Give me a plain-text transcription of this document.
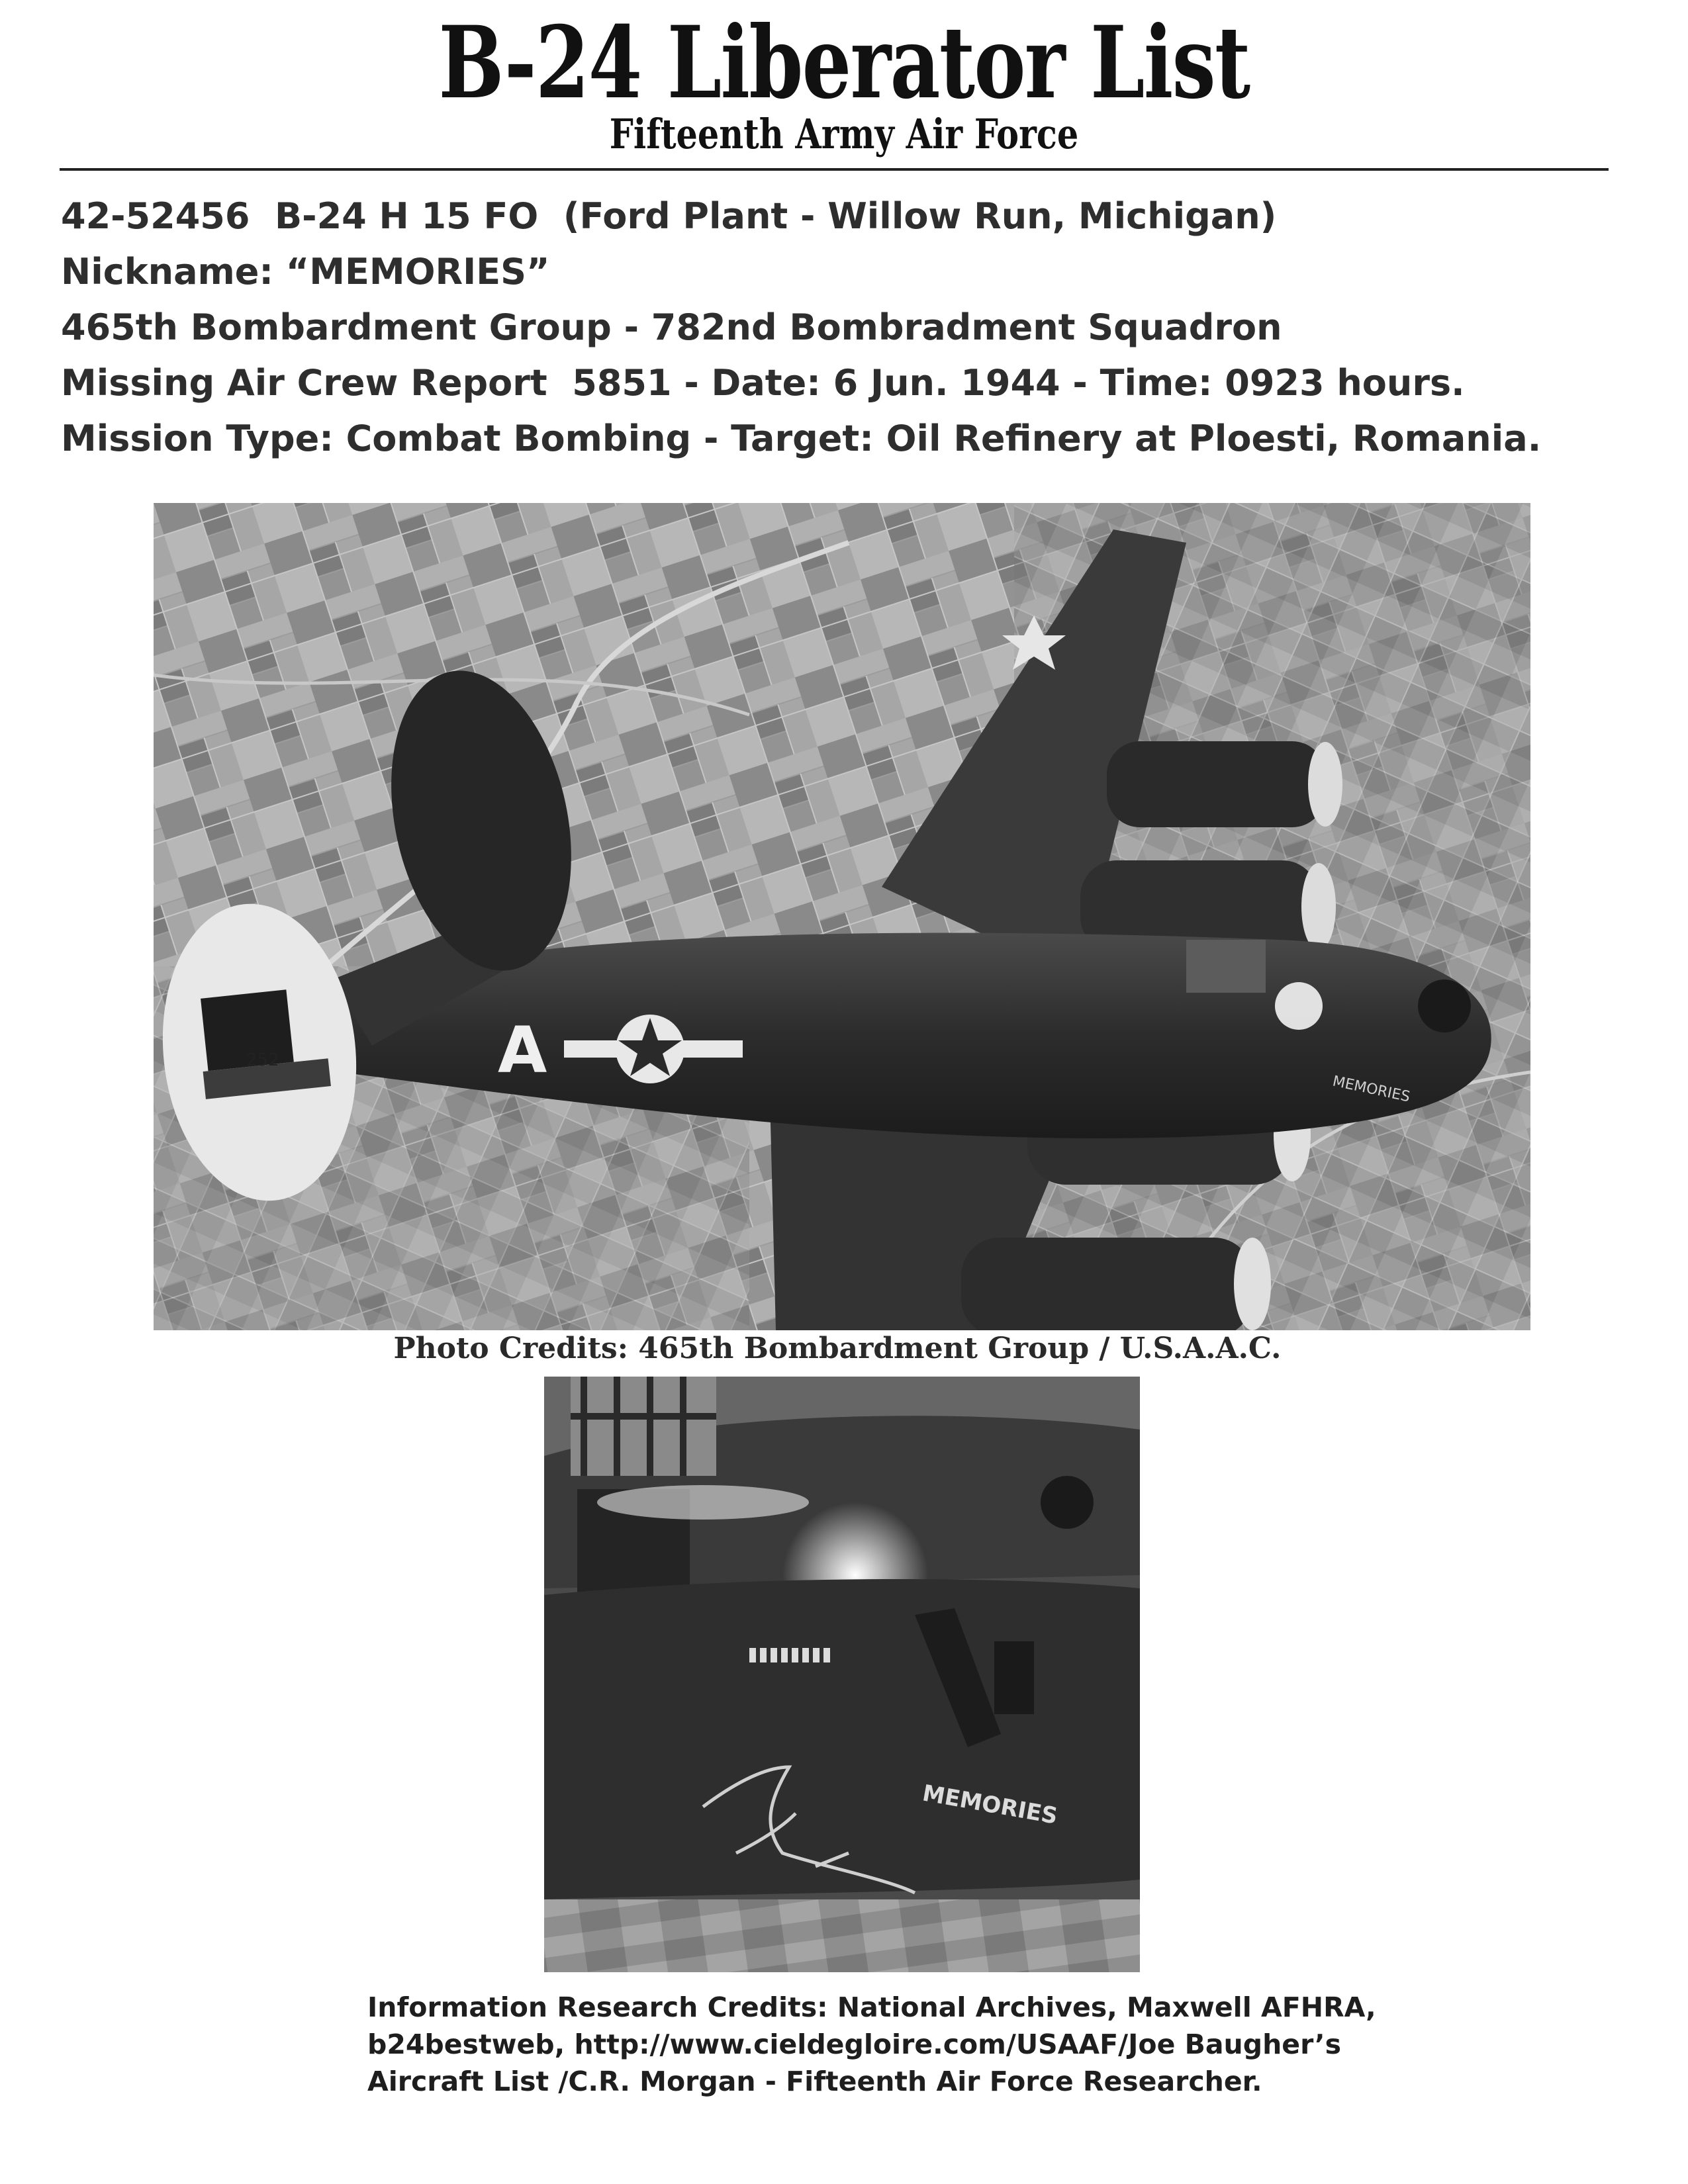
B-24 Liberator List
Fifteenth Army Air Force
42-52456  B-24 H 15 FO  (Ford Plant - Willow Run, Michigan)
Nickname: “MEMORIES”
465th Bombardment Group - 782nd Bombradment Squadron
Missing Air Crew Report  5851 - Date: 6 Jun. 1944 - Time: 0923 hours.
Mission Type: Combat Bombing - Target: Oil Refinery at Ploesti, Romania.
252	A
MEMORIES
Photo Credits: 465th Bombardment Group / U.S.A.A.C.
MEMORIES
Information Research Credits: National Archives, Maxwell AFHRA,
b24bestweb, http://www.cieldegloire.com/USAAF/Joe Baugher’s
Aircraft List /C.R. Morgan - Fifteenth Air Force Researcher.
